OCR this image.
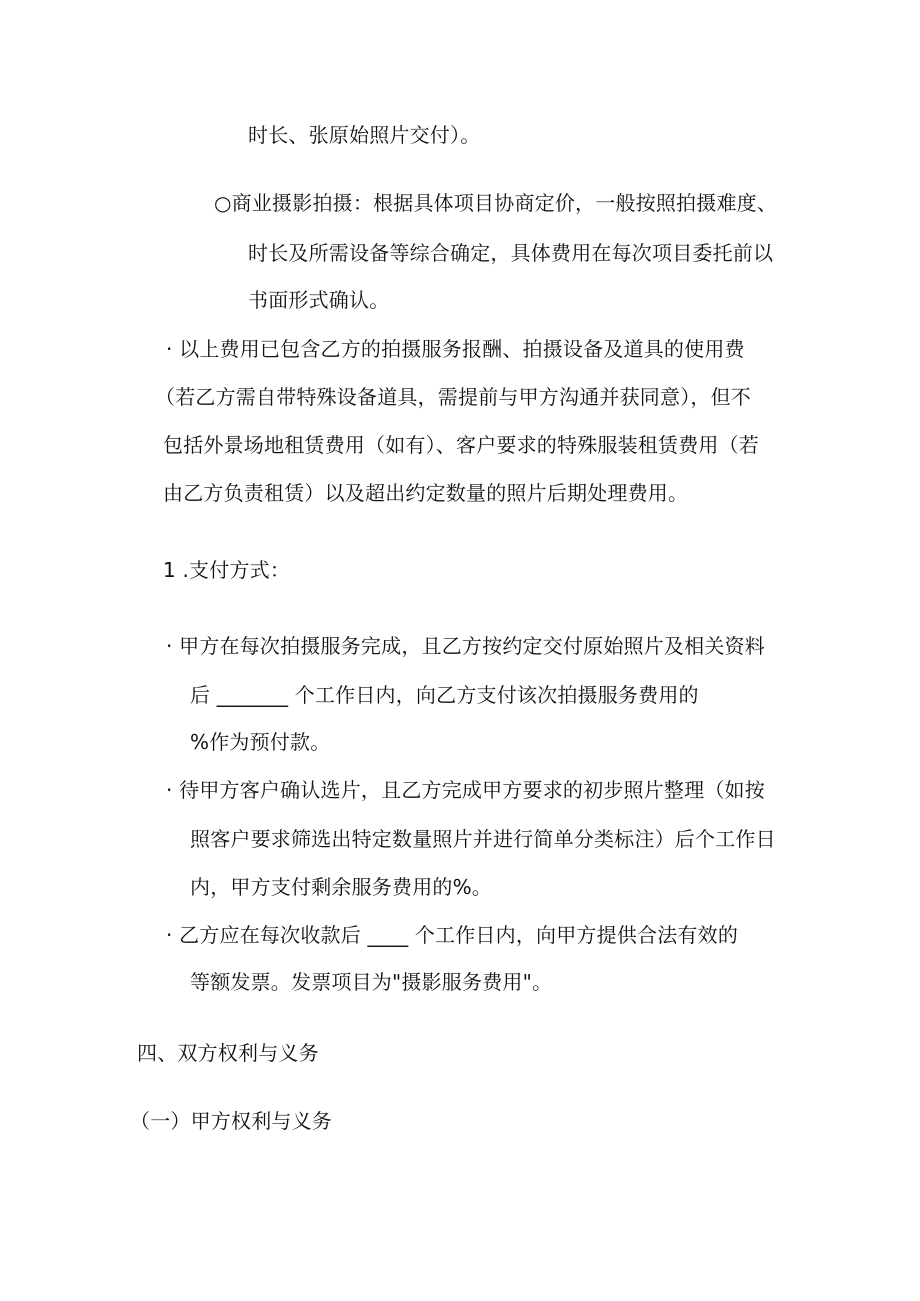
时长、张原始照片交付）。
○商业摄影拍摄：根据具体项目协商定价，一般按照拍摄难度、
时长及所需设备等综合确定，具体费用在每次项目委托前以
书面形式确认。
· 以上费用已包含乙方的拍摄服务报酬、拍摄设备及道具的使用费
（若乙方需自带特殊设备道具，需提前与甲方沟通并获同意），但不
包括外景场地租赁费用（如有）、客户要求的特殊服装租赁费用（若
由乙方负责租赁）以及超出约定数量的照片后期处理费用。
1 .支付方式：
· 甲方在每次拍摄服务完成，且乙方按约定交付原始照片及相关资料
后 _______ 个工作日内，向乙方支付该次拍摄服务费用的
%作为预付款。
· 待甲方客户确认选片，且乙方完成甲方要求的初步照片整理（如按
照客户要求筛选出特定数量照片并进行简单分类标注）后个工作日
内，甲方支付剩余服务费用的%。
· 乙方应在每次收款后 ____ 个工作日内，向甲方提供合法有效的
等额发票。发票项目为"摄影服务费用"。
四、双方权利与义务
（一）甲方权利与义务
